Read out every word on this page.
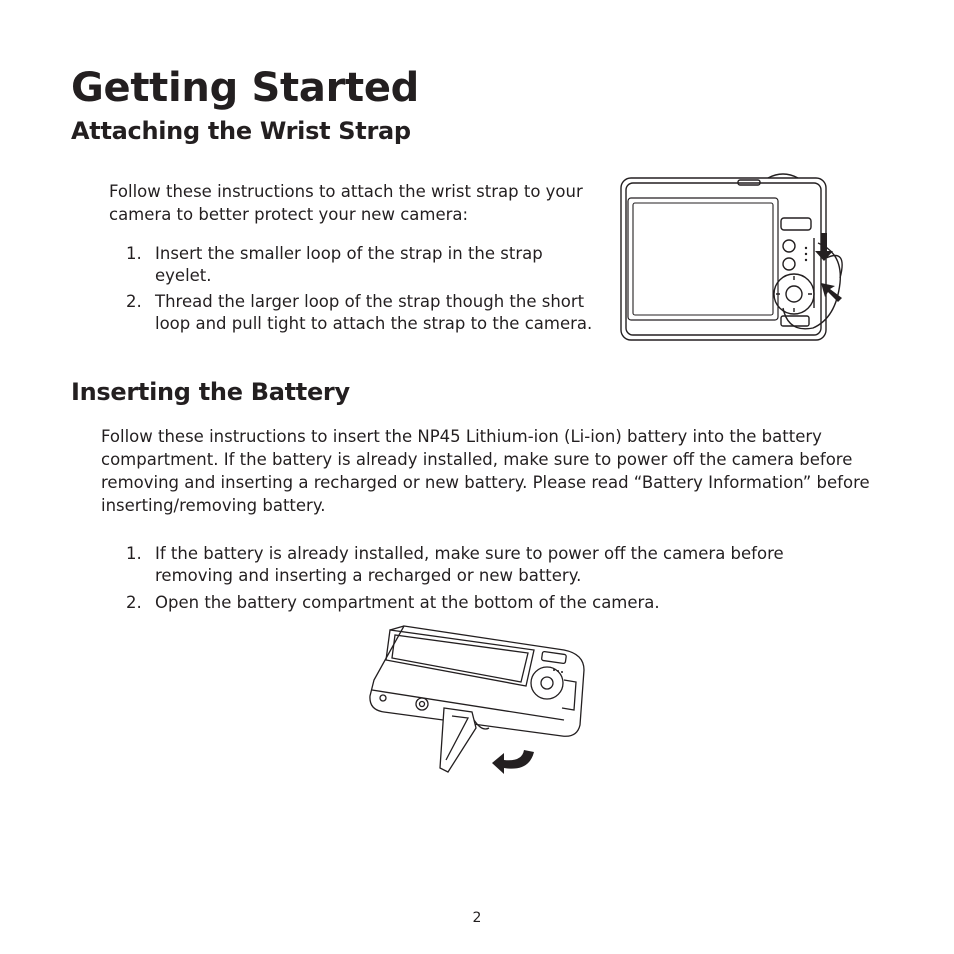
Getting Started
Attaching the Wrist Strap

Follow these instructions to attach the wrist strap to your
camera to better protect your new camera:

1. Insert the smaller loop of the strap in the strap
eyelet.
2. Thread the larger loop of the strap though the short
loop and pull tight to attach the strap to the camera.
Inserting the Battery

Follow these instructions to insert the NP45 Lithium-ion (Li-ion) battery into the battery
compartment. If the battery is already installed, make sure to power off the camera before
removing and inserting a recharged or new battery. Please read “Battery Information” before
inserting/removing battery.

1. If the battery is already installed, make sure to power off the camera before
removing and inserting a recharged or new battery.
2. Open the battery compartment at the bottom of the camera.
2
